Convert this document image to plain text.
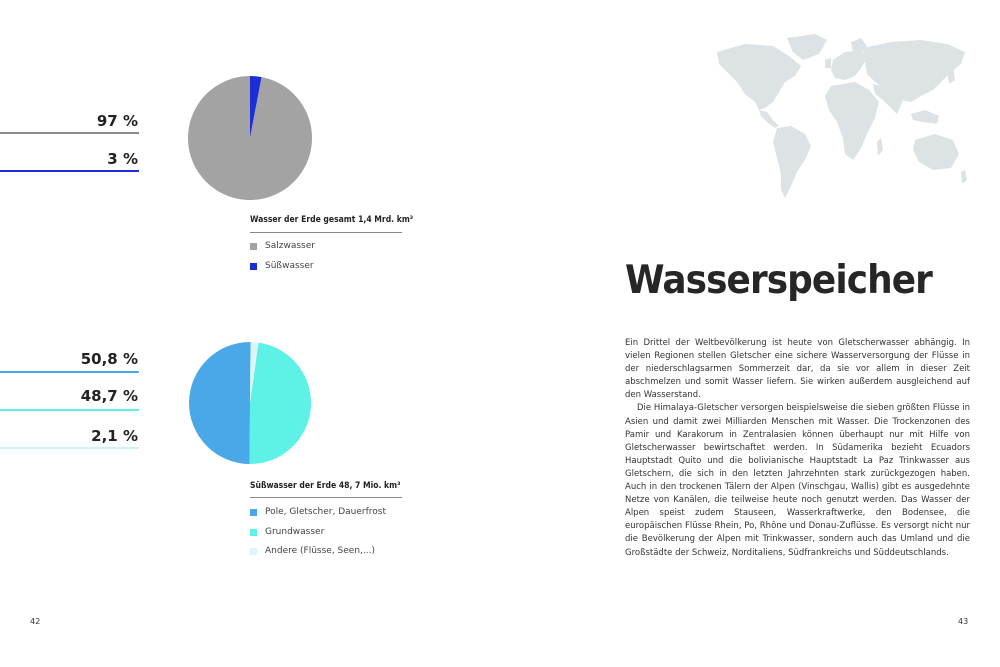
97 %
3 %
Wasser der Erde gesamt 1,4 Mrd. km³
Salzwasser
Süßwasser
50,8 %
48,7 %
2,1 %
Süßwasser der Erde 48, 7 Mio. km³
Pole, Gletscher, Dauerfrost
Grundwasser
Andere (Flüsse, Seen,...)
Wasserspeicher

Ein Drittel der Weltbevölkerung ist heute von Gletscherwasser abhängig. In vielen Regionen stellen Gletscher eine sichere Wasserversorgung der Flüsse in der niederschlagsarmen Sommerzeit dar, da sie vor allem in dieser Zeit abschmelzen und somit Wasser liefern. Sie wirken außerdem ausgleichend auf den Wasserstand.

Die Himalaya-Gletscher versorgen beispielsweise die sieben größten Flüsse in Asien und damit zwei Milliarden Menschen mit Wasser. Die Trockenzonen des Pamir und Karakorum in Zentralasien können überhaupt nur mit Hilfe von Gletscherwasser bewirtschaftet werden. In Südamerika bezieht Ecuadors Hauptstadt Quito und die bolivianische Hauptstadt La Paz Trinkwasser aus Gletschern, die sich in den letzten Jahrzehnten stark zurückgezogen haben. Auch in den trockenen Tälern der Alpen (Vinschgau, Wallis) gibt es ausgedehnte Netze von Kanälen, die teilweise heute noch genutzt werden. Das Wasser der Alpen speist zudem Stauseen, Wasserkraftwerke, den Bodensee, die europäischen Flüsse Rhein, Po, Rhône und Donau-Zuflüsse. Es versorgt nicht nur die Bevölkerung der Alpen mit Trinkwasser, sondern auch das Umland und die Großstädte der Schweiz, Norditaliens, Südfrankreichs und Süddeutschlands.

42	43
